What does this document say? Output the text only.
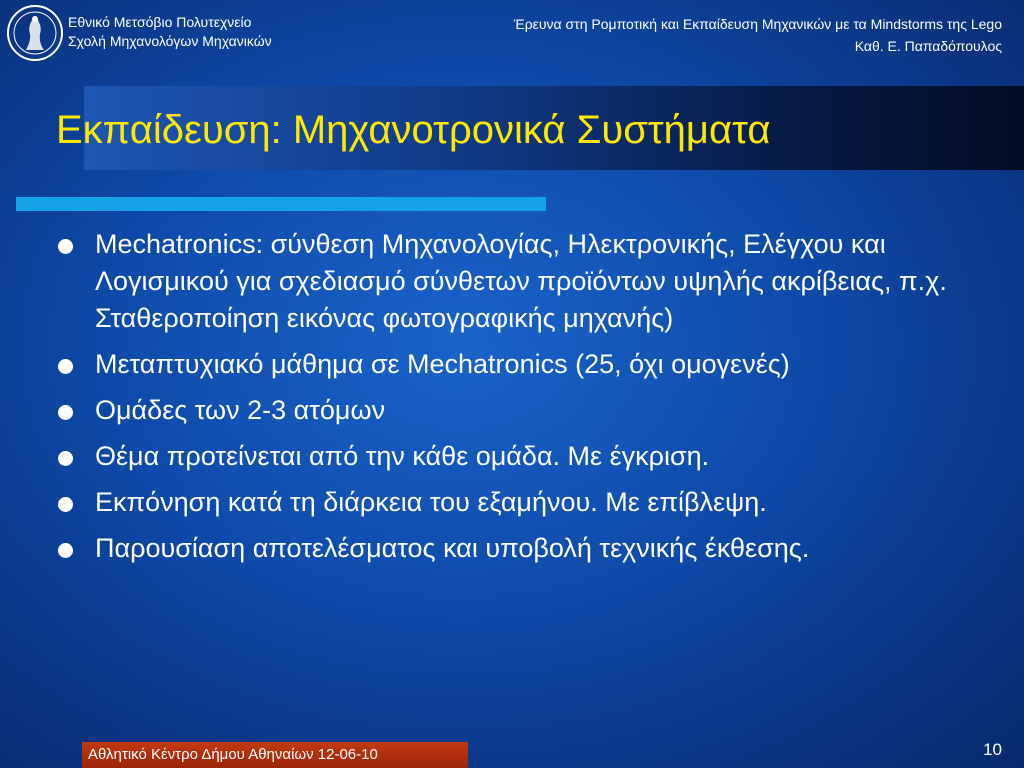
Εθνικό Μετσόβιο Πολυτεχνείο
Σχολή Μηχανολόγων Μηχανικών
Έρευνα στη Ρομποτική και Εκπαίδευση Μηχανικών με τα Mindstorms της Lego
Καθ. Ε. Παπαδόπουλος
Εκπαίδευση: Μηχανοτρονικά Συστήματα
Mechatronics: σύνθεση Μηχανολογίας, Ηλεκτρονικής, Ελέγχου και Λογισμικού για σχεδιασμό σύνθετων προϊόντων υψηλής ακρίβειας, π.χ. Σταθεροποίηση εικόνας φωτογραφικής μηχανής)
Μεταπτυχιακό μάθημα σε Mechatronics (25, όχι ομογενές)
Ομάδες των 2-3 ατόμων
Θέμα προτείνεται από την κάθε ομάδα. Με έγκριση.
Εκπόνηση κατά τη διάρκεια του εξαμήνου. Με επίβλεψη.
Παρουσίαση αποτελέσματος και υποβολή τεχνικής έκθεσης.
Αθλητικό Κέντρο Δήμου Αθηναίων 12-06-10	10
